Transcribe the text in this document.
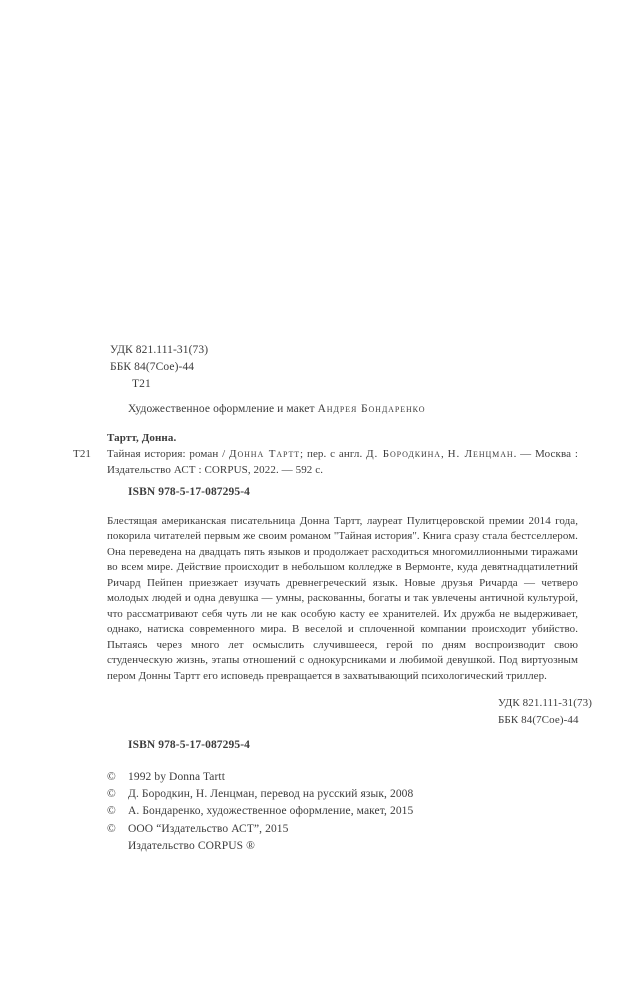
УДК 821.111-31(73)
ББК 84(7Сое)-44
Т21
Художественное оформление и макет Андрея Бондаренко
Тартт, Донна.
Т21	Тайная история: роман / Донна Тартт; пер. с англ. Д. Бородкина, Н. Ленцман. — Москва :
Издательство АСТ : CORPUS, 2022. — 592 с.
ISBN 978-5-17-087295-4
Блестящая американская писательница Донна Тартт, лауреат Пулитцеровской премии 2014 года, покорила читателей первым же своим романом "Тайная история". Книга сразу стала бестселлером. Она переведена на двадцать пять языков и продолжает расходиться многомиллионными тиражами во всем мире. Действие происходит в небольшом колледже в Вермонте, куда девятнадцатилетний Ричард Пейпен приезжает изучать древнегреческий язык. Новые друзья Ричарда — четверо молодых людей и одна девушка — умны, раскованны, богаты и так увлечены античной культурой, что рассматривают себя чуть ли не как особую касту ее хранителей. Их дружба не выдерживает, однако, натиска современного мира. В веселой и сплоченной компании происходит убийство. Пытаясь через много лет осмыслить случившееся, герой по дням воспроизводит свою студенческую жизнь, этапы отношений с однокурсниками и любимой девушкой. Под виртуозным пером Донны Тартт его исповедь превращается в захватывающий психологический триллер.
УДК 821.111-31(73)
ББК 84(7Сое)-44
ISBN 978-5-17-087295-4
©	1992 by Donna Tartt
©	Д. Бородкин, Н. Ленцман, перевод на русский язык, 2008
©	А. Бондаренко, художественное оформление, макет, 2015
©	ООО “Издательство АСТ”, 2015
Издательство CORPUS ®
